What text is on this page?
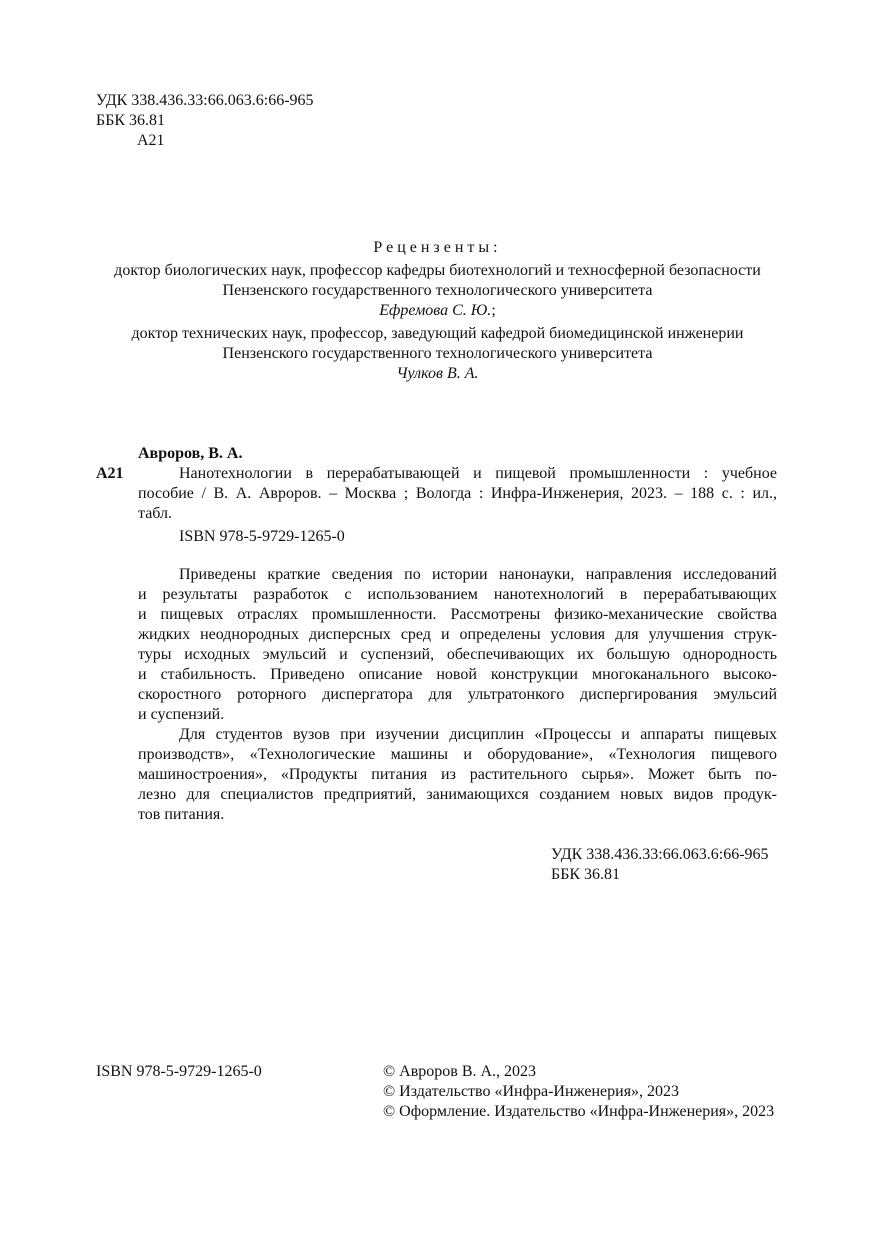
УДК 338.436.33:66.063.6:66-965
ББК 36.81
А21
Рецензенты:
доктор биологических наук, профессор кафедры биотехнологий и техносферной безопасности
Пензенского государственного технологического университета
Ефремова С. Ю.;
доктор технических наук, профессор, заведующий кафедрой биомедицинской инженерии
Пензенского государственного технологического университета
Чулков В. А.
Авроров, В. А.
А21	Нанотехнологии в перерабатывающей и пищевой промышленности : учебное
пособие / В. А. Авроров. – Москва ; Вологда : Инфра-Инженерия, 2023. – 188 с. : ил.,
табл.
ISBN 978-5-9729-1265-0
Приведены краткие сведения по истории нанонауки, направления исследований
и результаты разработок с использованием нанотехнологий в перерабатывающих
и пищевых отраслях промышленности. Рассмотрены физико-механические свойства
жидких неоднородных дисперсных сред и определены условия для улучшения струк-
туры исходных эмульсий и суспензий, обеспечивающих их большую однородность
и стабильность. Приведено описание новой конструкции многоканального высоко-
скоростного роторного диспергатора для ультратонкого диспергирования эмульсий
и суспензий.
Для студентов вузов при изучении дисциплин «Процессы и аппараты пищевых
производств», «Технологические машины и оборудование», «Технология пищевого
машиностроения», «Продукты питания из растительного сырья». Может быть по-
лезно для специалистов предприятий, занимающихся созданием новых видов продук-
тов питания.
УДК 338.436.33:66.063.6:66-965
ББК 36.81
ISBN 978-5-9729-1265-0	© Авроров В. А., 2023
© Издательство «Инфра-Инженерия», 2023
© Оформление. Издательство «Инфра-Инженерия», 2023
